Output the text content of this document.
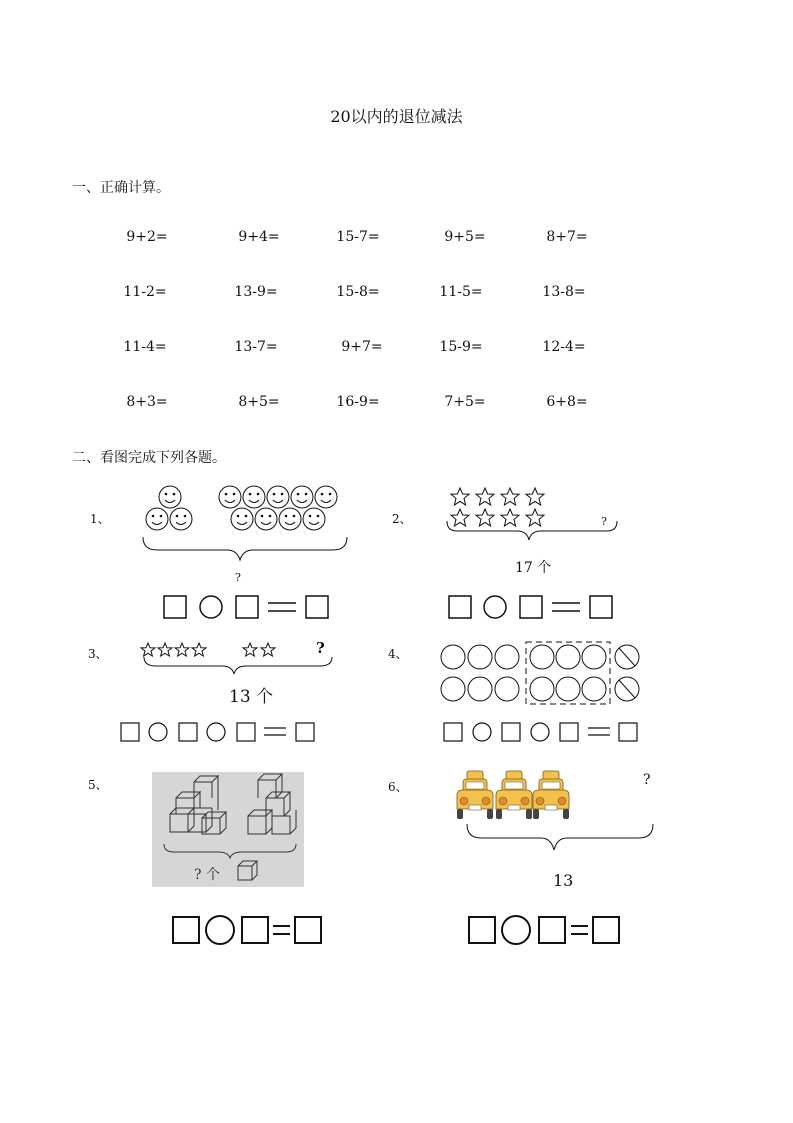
20以内的退位减法
一、正确计算。
9+2=	9+4=	15-7=	9+5=	8+7=
11-2=	13-9=	15-8=	11-5=	13-8=
11-4=	13-7=	9+7=	15-9=	12-4=
8+3=	8+5=	16-9=	7+5=	6+8=
二、看图完成下列各题。
1、	2、
3、	4、
5、	6、
?
?
17 个
?
13 个
?
13
? 个
